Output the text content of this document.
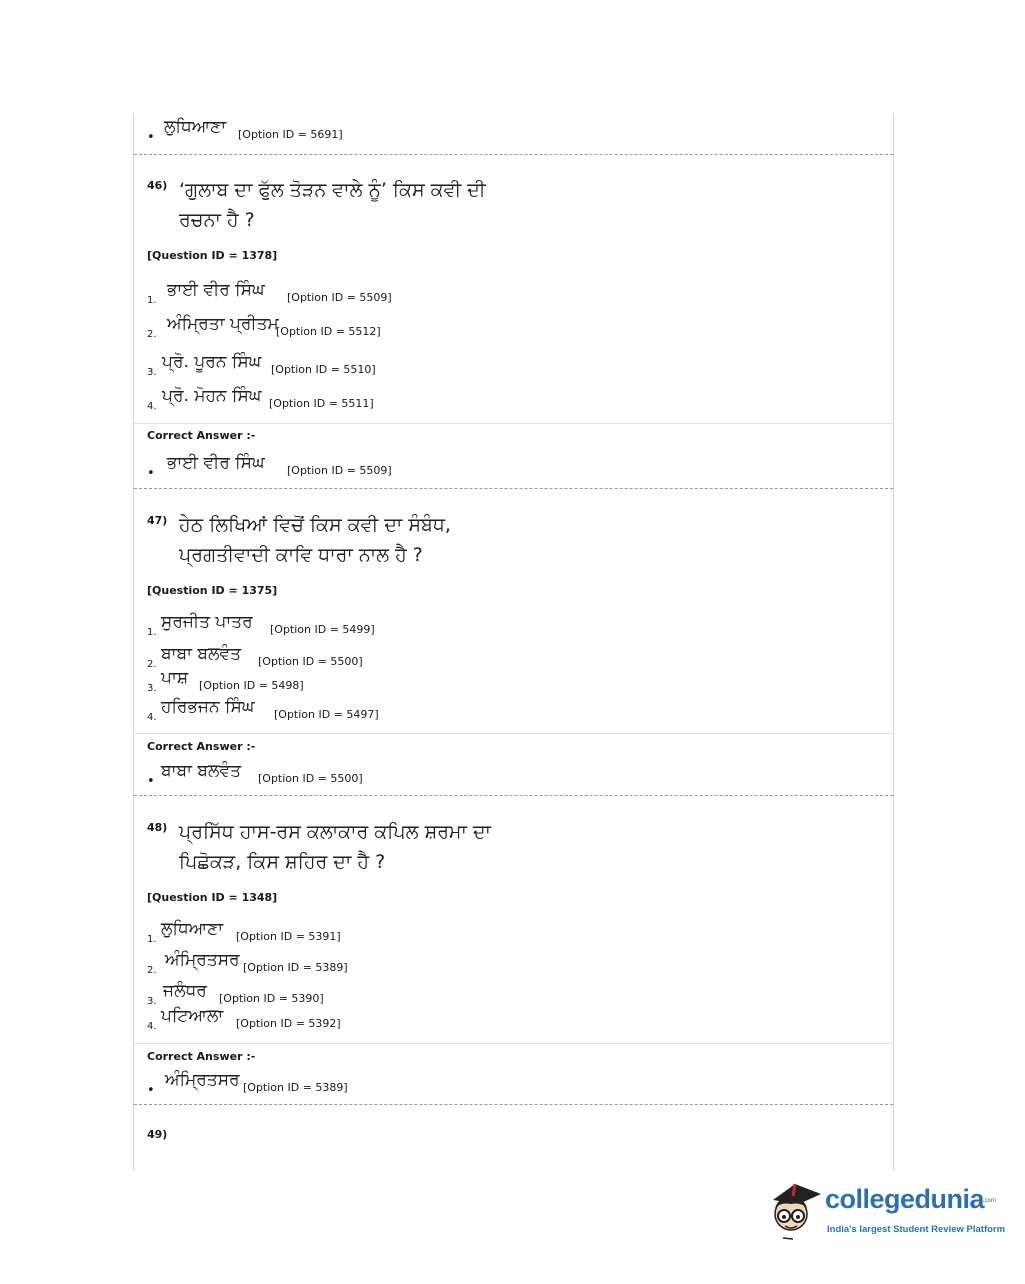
•
ਲੁਧਿਆਣਾ [Option ID = 5691]
46) ‘ਗੁਲਾਬ ਦਾ ਫੁੱਲ ਤੋੜਨ ਵਾਲੇ ਨੂੰ’ ਕਿਸ ਕਵੀ ਦੀ
ਰਚਨਾ ਹੈ ?
[Question ID = 1378]
1.
ਭਾਈ ਵੀਰ ਸਿੰਘ [Option ID = 5509]
2.
ਅੰਮ੍ਰਿਤਾ ਪ੍ਰੀਤਮ
[Option ID = 5512]
3.
ਪ੍ਰੋ. ਪੂਰਨ ਸਿੰਘ [Option ID = 5510]
4.
ਪ੍ਰੋ. ਮੋਹਨ ਸਿੰਘ [Option ID = 5511]
Correct Answer :-
•
ਭਾਈ ਵੀਰ ਸਿੰਘ [Option ID = 5509]
47) ਹੇਠ ਲਿਖਿਆਂ ਵਿਚੋਂ ਕਿਸ ਕਵੀ ਦਾ ਸੰਬੰਧ,
ਪ੍ਰਗਤੀਵਾਦੀ ਕਾਵਿ ਧਾਰਾ ਨਾਲ ਹੈ ?
[Question ID = 1375]
1.
ਸੁਰਜੀਤ ਪਾਤਰ [Option ID = 5499]
2.
ਬਾਬਾ ਬਲਵੰਤ [Option ID = 5500]
3.
ਪਾਸ਼ [Option ID = 5498]
4.
ਹਰਿਭਜਨ ਸਿੰਘ [Option ID = 5497]
Correct Answer :-
•
ਬਾਬਾ ਬਲਵੰਤ [Option ID = 5500]
48) ਪ੍ਰਸਿੱਧ ਹਾਸ-ਰਸ ਕਲਾਕਾਰ ਕਪਿਲ ਸ਼ਰਮਾ ਦਾ
ਪਿਛੋਕੜ, ਕਿਸ ਸ਼ਹਿਰ ਦਾ ਹੈ ?
[Question ID = 1348]
1.
ਲੁਧਿਆਣਾ [Option ID = 5391]
2.
ਅੰਮ੍ਰਿਤਸਰ [Option ID = 5389]
3.
ਜਲੰਧਰ [Option ID = 5390]
4.
ਪਟਿਆਲਾ [Option ID = 5392]
Correct Answer :-
•
ਅੰਮ੍ਰਿਤਸਰ [Option ID = 5389]
49)
collegedunia
.com
India's largest Student Review Platform
